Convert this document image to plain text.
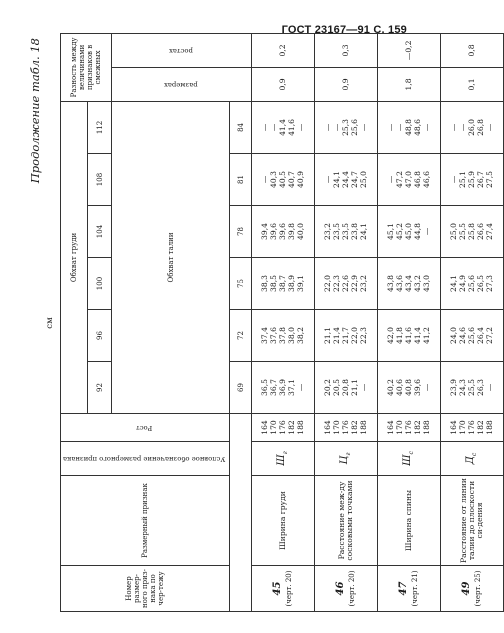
ГОСТ 23167—91 С. 159
Продолжение табл. 18
см
Номер размер-ного приз-нака по чер-тежу	Размерный признак	Условное обозначение размерного признака	Рост	Обхват груди						Разность между величинами признаков в смежных	
				92	96	100	104	108	112		
				Обхват талии						размерах	ростах
				69	72	75	78	81	84		
45 (черт. 20)	Ширина груди	$Ш_г$	164 170 176 182 188	36,5 36,7 36,9 37,1 —	37,4 37,6 37,8 38,0 38,2	38,3 38,5 38,7 38,9 39,1	39,4 39,6 39,6 39,8 40,0	— 40,3 40,5 40,7 40,9	— — 41,4 41,6 —	0,9	0,2
46 (черт. 20)	Расстояние меж-ду сосковыми точками	$Ц_г$	164 170 176 182 188	20,2 20,5 20,8 21,1 —	21,1 21,4 21,7 22,0 22,3	22,0 22,3 22,6 22,9 23,2	23,2 23,5 23,5 23,8 24,1	— 24,1 24,4 24,7 25,0	— — 25,3 25,6 —	0,9	0,3
47 (черт. 21)	Ширина спины	$Ш_с$	164 170 176 182 188	40,2 40,6 40,8 39,6 —	42,0 41,8 41,6 41,4 41,2	43,8 43,6 43,4 43,2 43,0	45,1 45,2 45,0 44,8 —	— 47,2 47,0 46,8 46,6	— — 48,8 48,6 —	1,8	—0,2
49 (черт. 25)	Расстояние от линии талии до плоскости си-дения	$Д_с$	164 170 176 182 188	23,9 24,3 25,5 26,3 —	24,0 24,6 25,6 26,4 27,2	24,1 24,9 25,6 26,5 27,3	25,0 25,5 25,8 26,6 27,4	— 25,1 25,9 26,7 27,5	— — 26,0 26,8 —	0,1	0,8
